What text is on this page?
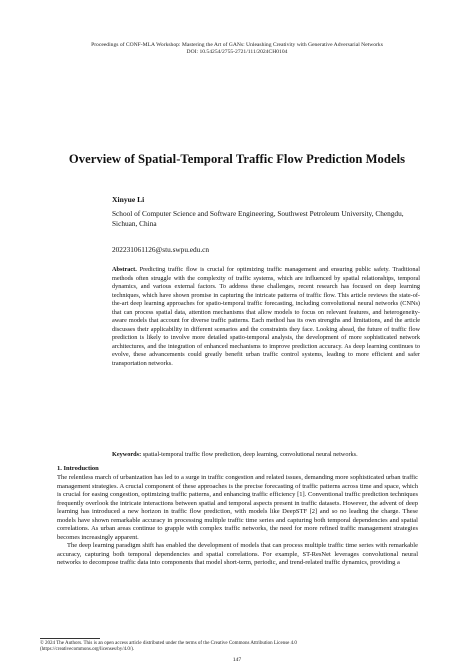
Proceedings of CONF-MLA Workshop: Mastering the Art of GANs: Unleashing Creativity with Generative Adversarial Networks
DOI: 10.54254/2755-2721/111/2024CH0104
Overview of Spatial-Temporal Traffic Flow Prediction Models
Xinyue Li
School of Computer Science and Software Engineering, Southwest Petroleum University, Chengdu, Sichuan, China
202231061126@stu.swpu.edu.cn
Abstract. Predicting traffic flow is crucial for optimizing traffic management and ensuring public safety. Traditional methods often struggle with the complexity of traffic systems, which are influenced by spatial relationships, temporal dynamics, and various external factors. To address these challenges, recent research has focused on deep learning techniques, which have shown promise in capturing the intricate patterns of traffic flow. This article reviews the state-of-the-art deep learning approaches for spatio-temporal traffic forecasting, including convolutional neural networks (CNNs) that can process spatial data, attention mechanisms that allow models to focus on relevant features, and heterogeneity-aware models that account for diverse traffic patterns. Each method has its own strengths and limitations, and the article discusses their applicability in different scenarios and the constraints they face. Looking ahead, the future of traffic flow prediction is likely to involve more detailed spatio-temporal analysis, the development of more sophisticated network architectures, and the integration of enhanced mechanisms to improve prediction accuracy. As deep learning continues to evolve, these advancements could greatly benefit urban traffic control systems, leading to more efficient and safer transportation networks.
Keywords: spatial-temporal traffic flow prediction, deep learning, convolutional neural networks.
1. Introduction

The relentless march of urbanization has led to a surge in traffic congestion and related issues, demanding more sophisticated urban traffic management strategies. A crucial component of these approaches is the precise forecasting of traffic patterns across time and space, which is crucial for easing congestion, optimizing traffic patterns, and enhancing traffic efficiency [1]. Conventional traffic prediction techniques frequently overlook the intricate interactions between spatial and temporal aspects present in traffic datasets. However, the advent of deep learning has introduced a new horizon in traffic flow prediction, with models like DeepSTF [2] and so no leading the charge. These models have shown remarkable accuracy in processing multiple traffic time series and capturing both temporal dependencies and spatial correlations. As urban areas continue to grapple with complex traffic networks, the need for more refined traffic management strategies becomes increasingly apparent.

The deep learning paradigm shift has enabled the development of models that can process multiple traffic time series with remarkable accuracy, capturing both temporal dependencies and spatial correlations. For example, ST-ResNet leverages convolutional neural networks to decompose traffic data into components that model short-term, periodic, and trend-related traffic dynamics, providing a

© 2024 The Authors. This is an open access article distributed under the terms of the Creative Commons Attribution License 4.0
(https://creativecommons.org/licenses/by/4.0/).
147
